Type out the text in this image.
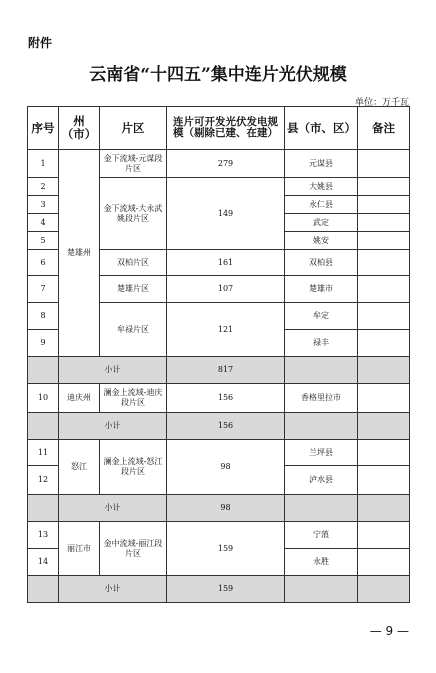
附件
云南省“十四五”集中连片光伏规模
单位：万千瓦
序号	州（市）	片区	连片可开发光伏发电规模（剔除已建、在建）	县（市、区）	备注
1	楚雄州	金下流域-元谋段片区	279	元谋县	
2		金下流域-大永武姚段片区	149	大姚县	
3				永仁县	
4				武定	
5				姚安	
6		双柏片区	161	双柏县	
7		楚雄片区	107	楚雄市	
8		牟禄片区	121	牟定	
9				禄丰	
	小计		817		
10	迪庆州	澜金上流域-迪庆段片区	156	香格里拉市	
	小计		156		
11	怒江	澜金上流域-怒江段片区	98	兰坪县	
12				泸水县	
	小计		98		
13	丽江市	金中流域-丽江段片区	159	宁蒗	
14				永胜	
	小计		159		
— 9 —
